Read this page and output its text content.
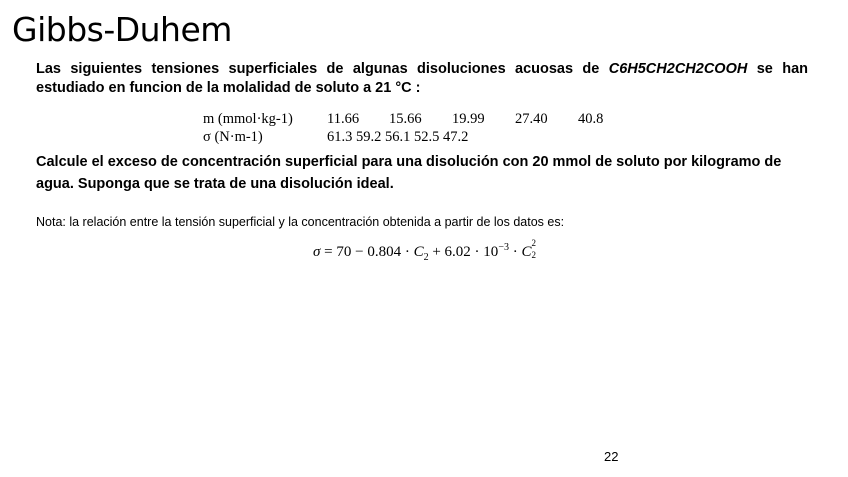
Gibbs-Duhem
Las siguientes tensiones superficiales de algunas disoluciones acuosas de C6H5CH2CH2COOH se han estudiado en funcion de la molalidad de soluto a 21 °C :
m (mmol·kg-1)	11.66	15.66	19.99	27.40	40.8
σ (N·m-1)	61.3 59.2 56.1 52.5 47.2
Calcule el exceso de concentración superficial para una disolución con 20 mmol de soluto por kilogramo de agua. Suponga que se trata de una disolución ideal.
Nota: la relación entre la tensión superficial y la concentración obtenida a partir de los datos es:
$\sigma = 70 - 0.804 \cdot C_2 + 6.02 \cdot 10^{-3} \cdot C$
2
2
22
